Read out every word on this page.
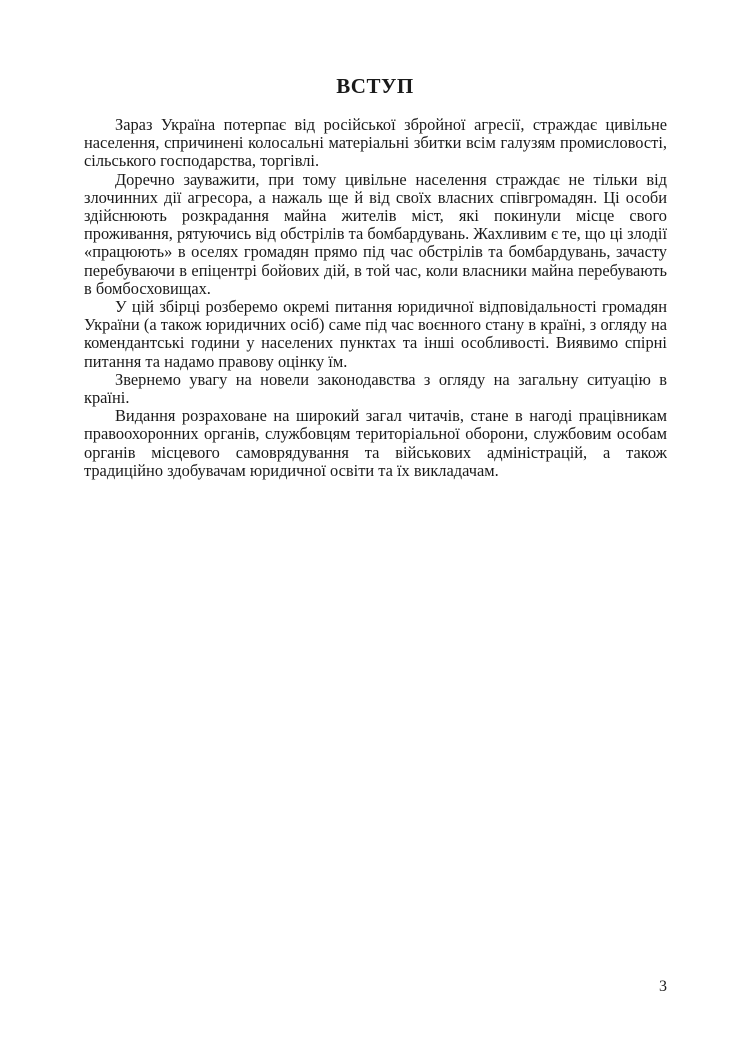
ВСТУП

Зараз Україна потерпає від російської збройної агресії, страждає цивільне населення, спричинені колосальні матеріальні збитки всім галузям промисловості, сільського господарства, торгівлі.

Доречно зауважити, при тому цивільне населення страждає не тільки від злочинних дії агресора, а нажаль ще й від своїх власних співгромадян. Ці особи здійснюють розкрадання майна жителів міст, які покинули місце свого проживання, рятуючись від обстрілів та бомбардувань. Жахливим є те, що ці злодії «працюють» в оселях громадян прямо під час обстрілів та бомбардувань, зачасту перебуваючи в епіцентрі бойових дій, в той час, коли власники майна перебувають в бомбосховищах.

У цій збірці розберемо окремі питання юридичної відповідальності громадян України (а також юридичних осіб) саме під час воєнного стану в країні, з огляду на комендантські години у населених пунктах та інші особливості. Виявимо спірні питання та надамо правову оцінку їм.

Звернемо увагу на новели законодавства з огляду на загальну ситуацію в країні.

Видання розраховане на широкий загал читачів, стане в нагоді працівникам правоохоронних органів, службовцям територіальної оборони, службовим особам органів місцевого самоврядування та військових адміністрацій, а також традиційно здобувачам юридичної освіти та їх викладачам.

3
